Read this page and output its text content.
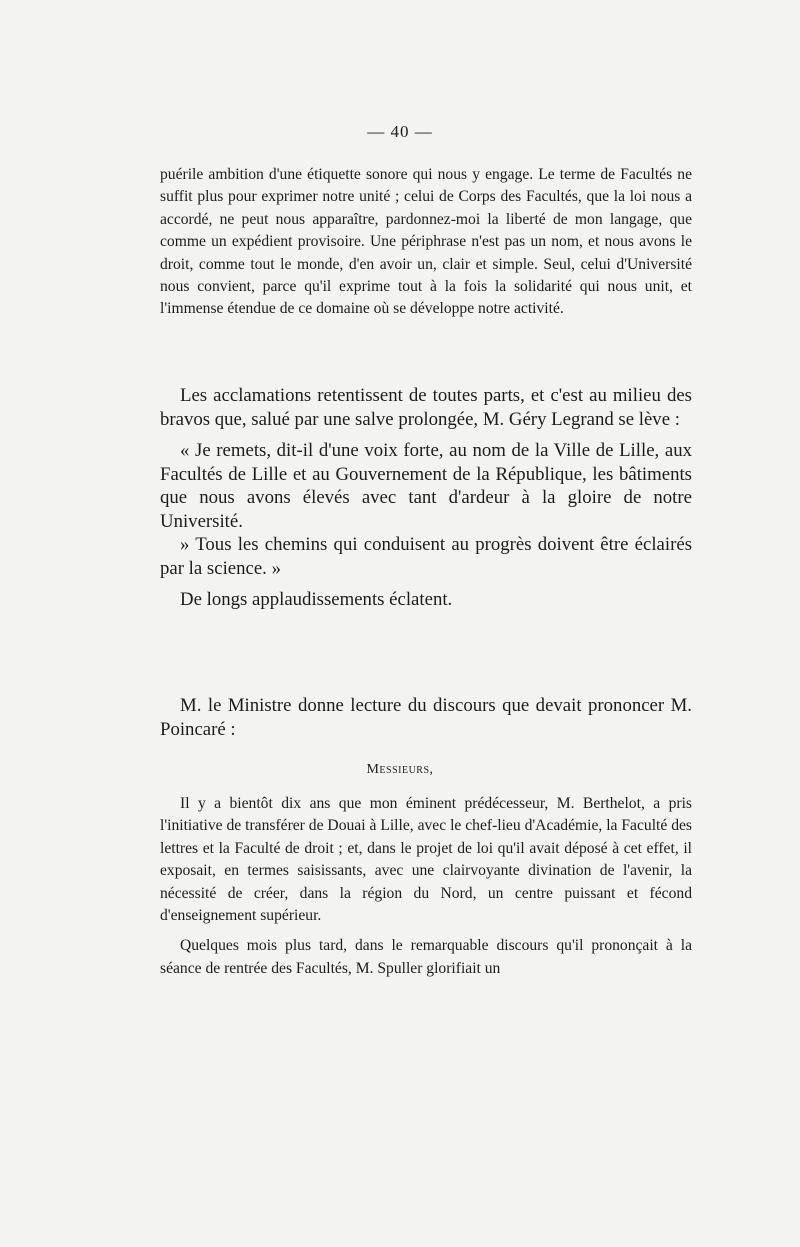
— 40 —

puérile ambition d'une étiquette sonore qui nous y engage. Le terme de Facultés ne suffit plus pour exprimer notre unité ; celui de Corps des Facultés, que la loi nous a accordé, ne peut nous apparaître, pardonnez-moi la liberté de mon langage, que comme un expédient provisoire. Une périphrase n'est pas un nom, et nous avons le droit, comme tout le monde, d'en avoir un, clair et simple. Seul, celui d'Université nous convient, parce qu'il exprime tout à la fois la solidarité qui nous unit, et l'immense étendue de ce domaine où se développe notre activité.

Les acclamations retentissent de toutes parts, et c'est au milieu des bravos que, salué par une salve prolongée, M. Géry Legrand se lève :

« Je remets, dit-il d'une voix forte, au nom de la Ville de Lille, aux Facultés de Lille et au Gouvernement de la République, les bâtiments que nous avons élevés avec tant d'ardeur à la gloire de notre Université.

» Tous les chemins qui conduisent au progrès doivent être éclairés par la science. »

De longs applaudissements éclatent.

M. le Ministre donne lecture du discours que devait prononcer M. Poincaré :

Messieurs,

Il y a bientôt dix ans que mon éminent prédécesseur, M. Berthelot, a pris l'initiative de transférer de Douai à Lille, avec le chef-lieu d'Académie, la Faculté des lettres et la Faculté de droit ; et, dans le projet de loi qu'il avait déposé à cet effet, il exposait, en termes saisissants, avec une clairvoyante divination de l'avenir, la nécessité de créer, dans la région du Nord, un centre puissant et fécond d'enseignement supérieur.

Quelques mois plus tard, dans le remarquable discours qu'il prononçait à la séance de rentrée des Facultés, M. Spuller glorifiait un
